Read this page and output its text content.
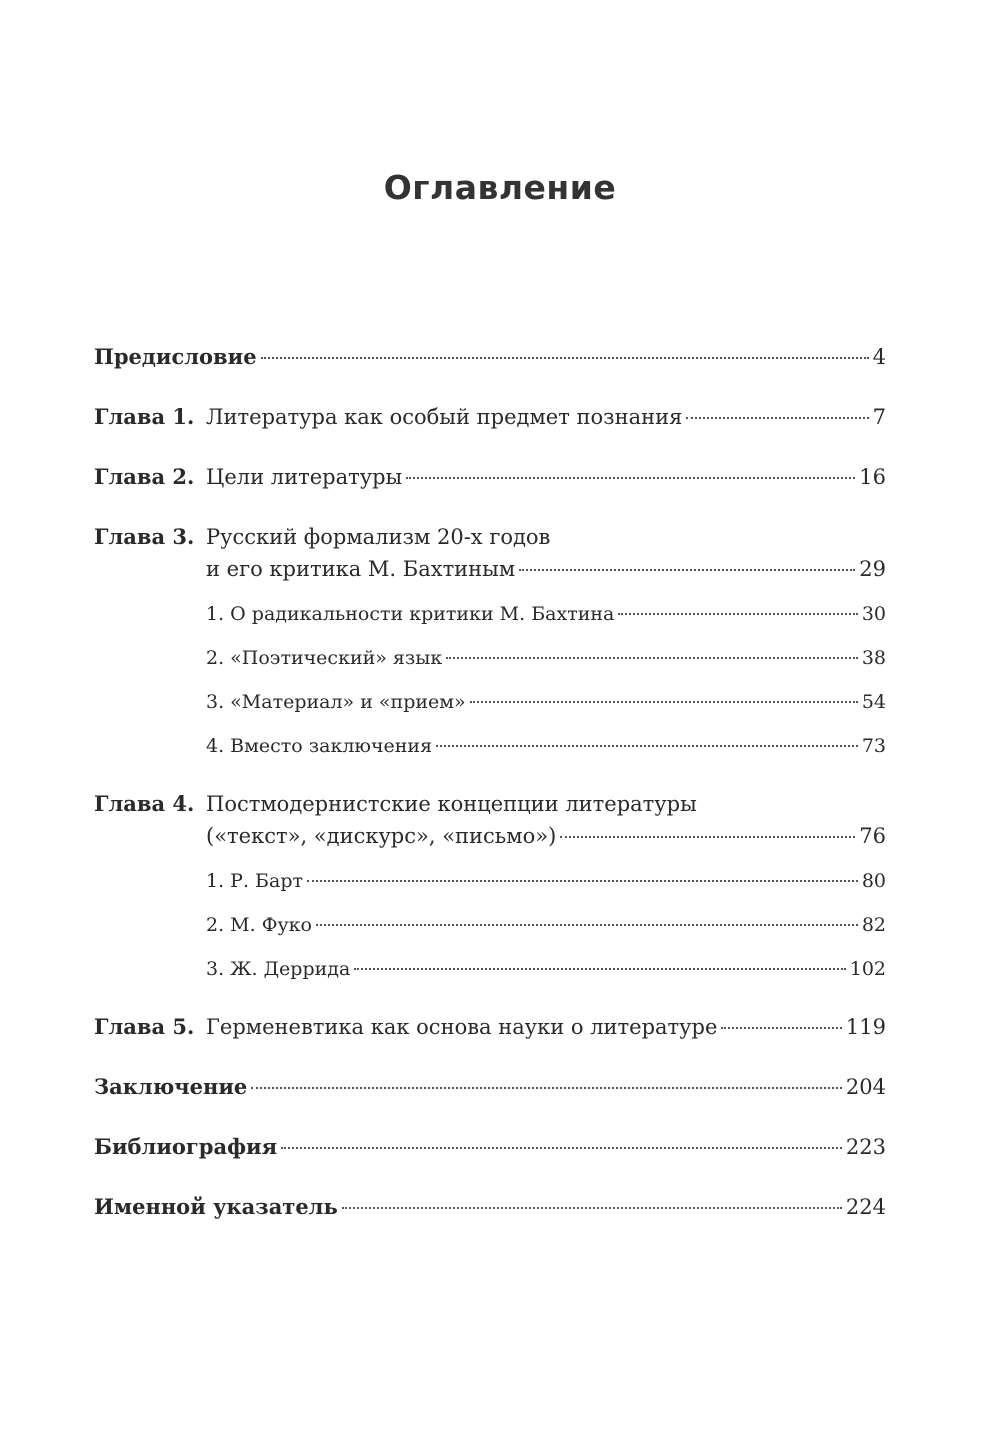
Оглавление
Предисловие	4
Глава 1. Литература как особый предмет познания	7
Глава 2. Цели литературы	16
Глава 3. Русский формализм 20-х годов
и его критика М. Бахтиным	29
1. О радикальности критики М. Бахтина	30
2. «Поэтический» язык	38
3. «Материал» и «прием»	54
4. Вместо заключения	73
Глава 4. Постмодернистские концепции литературы
(«текст», «дискурс», «письмо»)	76
1. Р. Барт	80
2. М. Фуко	82
3. Ж. Деррида	102
Глава 5. Герменевтика как основа науки о литературе	119
Заключение	204
Библиография	223
Именной указатель	224
